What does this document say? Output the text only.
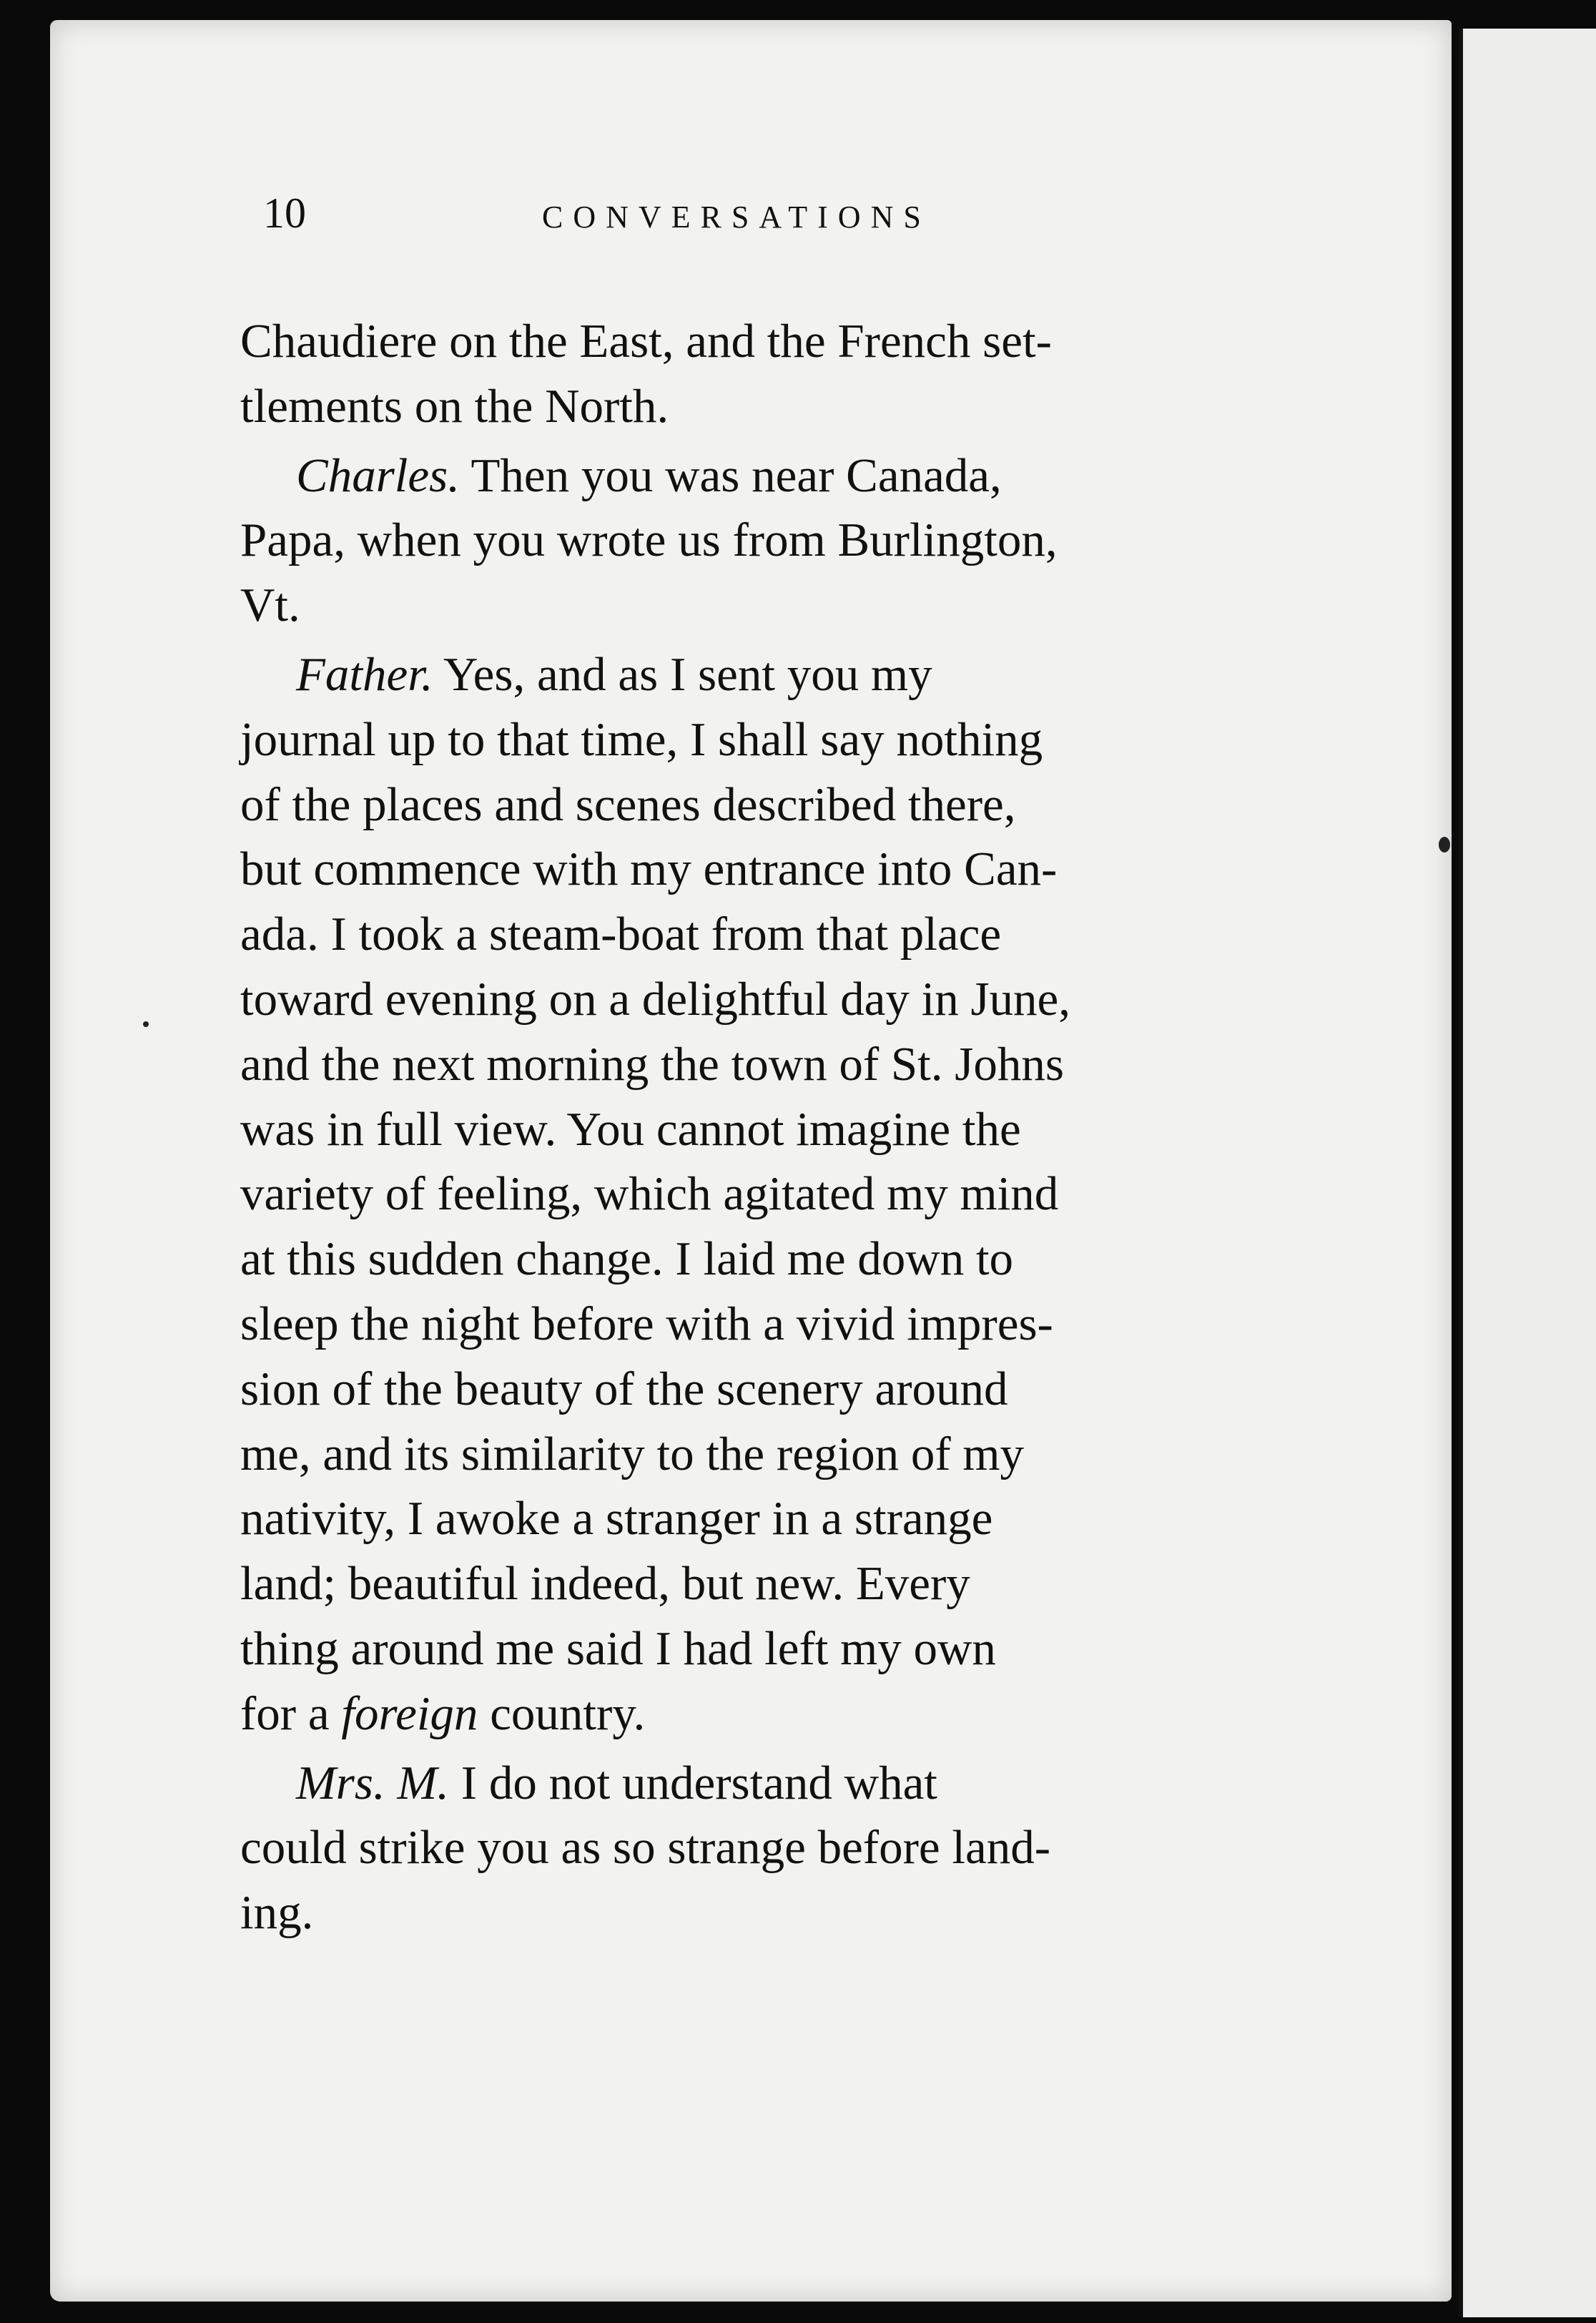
10	CONVERSATIONS
Chaudiere on the East, and the French set-
tlements on the North.
Charles. Then you was near Canada,
Papa, when you wrote us from Burlington,
Vt.
Father. Yes, and as I sent you my
journal up to that time, I shall say nothing
of the places and scenes described there,
but commence with my entrance into Can-
ada. I took a steam-boat from that place
toward evening on a delightful day in June,
and the next morning the town of St. Johns
was in full view. You cannot imagine the
variety of feeling, which agitated my mind
at this sudden change. I laid me down to
sleep the night before with a vivid impres-
sion of the beauty of the scenery around
me, and its similarity to the region of my
nativity, I awoke a stranger in a strange
land; beautiful indeed, but new. Every
thing around me said I had left my own
for a foreign country.
Mrs. M. I do not understand what
could strike you as so strange before land-
ing.
